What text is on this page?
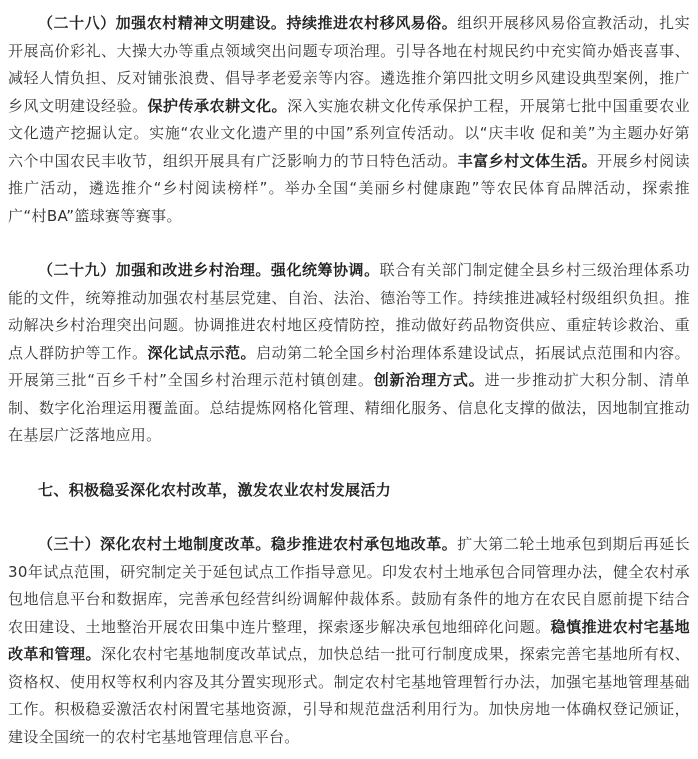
（二十八）加强农村精神文明建设。持续推进农村移风易俗。组织开展移风易俗宣教活动，扎实开展高价彩礼、大操大办等重点领域突出问题专项治理。引导各地在村规民约中充实简办婚丧喜事、减轻人情负担、反对铺张浪费、倡导孝老爱亲等内容。遴选推介第四批文明乡风建设典型案例，推广乡风文明建设经验。保护传承农耕文化。深入实施农耕文化传承保护工程，开展第七批中国重要农业文化遗产挖掘认定。实施“农业文化遗产里的中国”系列宣传活动。以“庆丰收 促和美”为主题办好第六个中国农民丰收节，组织开展具有广泛影响力的节日特色活动。丰富乡村文体生活。开展乡村阅读推广活动，遴选推介“乡村阅读榜样”。举办全国“美丽乡村健康跑”等农民体育品牌活动，探索推广“村BA”篮球赛等赛事。

（二十九）加强和改进乡村治理。强化统筹协调。联合有关部门制定健全县乡村三级治理体系功能的文件，统筹推动加强农村基层党建、自治、法治、德治等工作。持续推进减轻村级组织负担。推动解决乡村治理突出问题。协调推进农村地区疫情防控，推动做好药品物资供应、重症转诊救治、重点人群防护等工作。深化试点示范。启动第二轮全国乡村治理体系建设试点，拓展试点范围和内容。开展第三批“百乡千村”全国乡村治理示范村镇创建。创新治理方式。进一步推动扩大积分制、清单制、数字化治理运用覆盖面。总结提炼网格化管理、精细化服务、信息化支撑的做法，因地制宜推动在基层广泛落地应用。

七、积极稳妥深化农村改革，激发农业农村发展活力

（三十）深化农村土地制度改革。稳步推进农村承包地改革。扩大第二轮土地承包到期后再延长30年试点范围，研究制定关于延包试点工作指导意见。印发农村土地承包合同管理办法，健全农村承包地信息平台和数据库，完善承包经营纠纷调解仲裁体系。鼓励有条件的地方在农民自愿前提下结合农田建设、土地整治开展农田集中连片整理，探索逐步解决承包地细碎化问题。稳慎推进农村宅基地改革和管理。深化农村宅基地制度改革试点，加快总结一批可行制度成果，探索完善宅基地所有权、资格权、使用权等权利内容及其分置实现形式。制定农村宅基地管理暂行办法，加强宅基地管理基础工作。积极稳妥激活农村闲置宅基地资源，引导和规范盘活利用行为。加快房地一体确权登记颁证，建设全国统一的农村宅基地管理信息平台。
